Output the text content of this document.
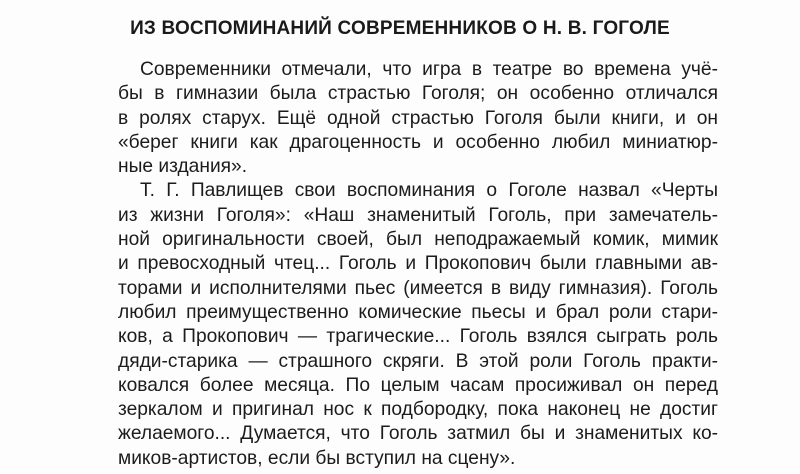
ИЗ ВОСПОМИНАНИЙ СОВРЕМЕННИКОВ О Н. В. ГОГОЛЕ
Современники отмечали, что игра в театре во времена учё-
бы в гимназии была страстью Гоголя; он особенно отличался
в ролях старух. Ещё одной страстью Гоголя были книги, и он
«берег книги как драгоценность и особенно любил миниатюр-
ные издания».
Т. Г. Павлищев свои воспоминания о Гоголе назвал «Черты
из жизни Гоголя»: «Наш знаменитый Гоголь, при замечатель-
ной оригинальности своей, был неподражаемый комик, мимик
и превосходный чтец... Гоголь и Прокопович были главными ав-
торами и исполнителями пьес (имеется в виду гимназия). Гоголь
любил преимущественно комические пьесы и брал роли стари-
ков, а Прокопович — трагические... Гоголь взялся сыграть роль
дяди-старика — страшного скряги. В этой роли Гоголь практи-
ковался более месяца. По целым часам просиживал он перед
зеркалом и пригинал нос к подбородку, пока наконец не достиг
желаемого... Думается, что Гоголь затмил бы и знаменитых ко-
миков-артистов, если бы вступил на сцену».
